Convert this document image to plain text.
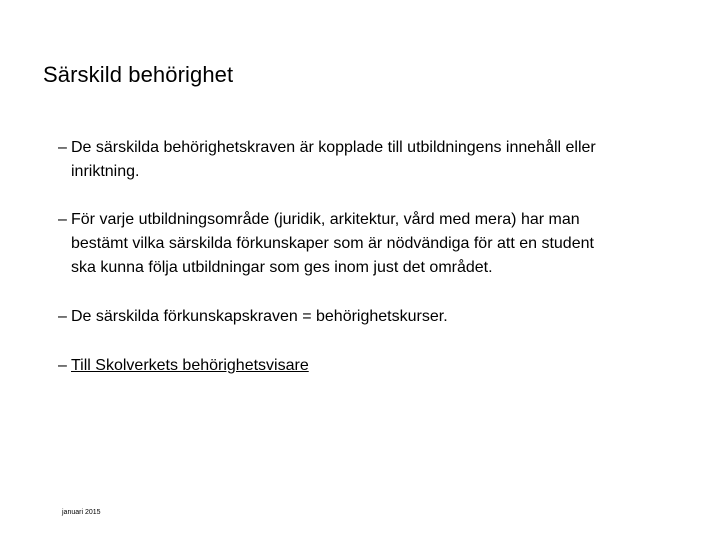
Särskild behörighet
– De särskilda behörighetskraven är kopplade till utbildningens innehåll eller inriktning.
– För varje utbildningsområde (juridik, arkitektur, vård med mera) har man bestämt vilka särskilda förkunskaper som är nödvändiga för att en student ska kunna följa utbildningar som ges inom just det området.
– De särskilda förkunskapskraven = behörighetskurser.
– Till Skolverkets behörighetsvisare
januari 2015
